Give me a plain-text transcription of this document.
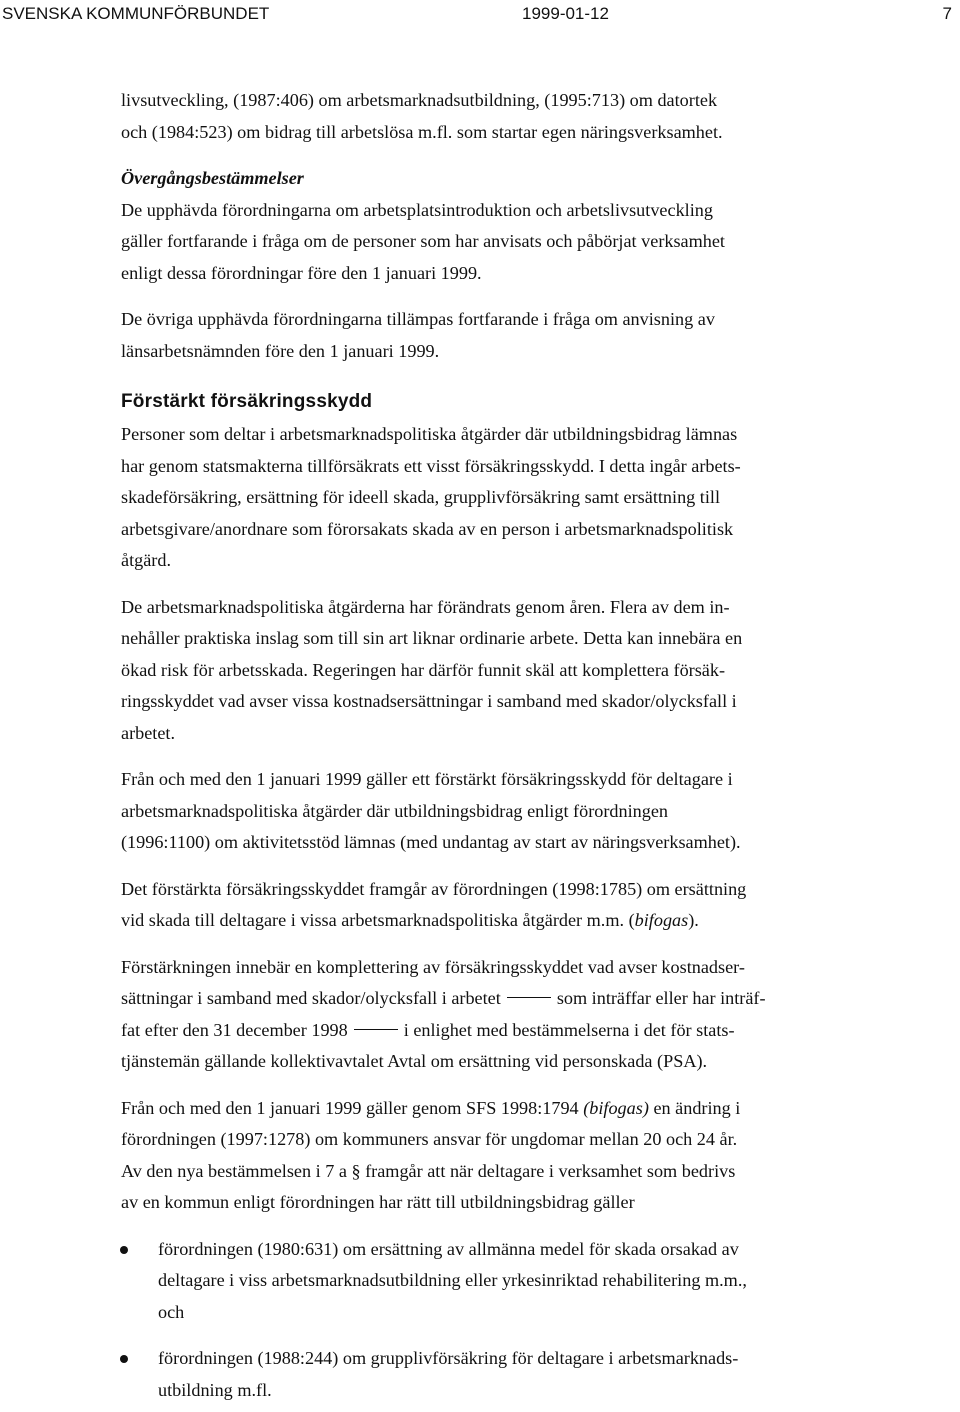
SVENSKA KOMMUNFÖRBUNDET	1999-01-12	7

livsutveckling, (1987:406) om arbetsmarknadsutbildning, (1995:713) om datortek
och (1984:523) om bidrag till arbetslösa m.fl. som startar egen näringsverksamhet.

Övergångsbestämmelser

De upphävda förordningarna om arbetsplatsintroduktion och arbetslivsutveckling
gäller fortfarande i fråga om de personer som har anvisats och påbörjat verksamhet
enligt dessa förordningar före den 1 januari 1999.

De övriga upphävda förordningarna tillämpas fortfarande i fråga om anvisning av
länsarbetsnämnden före den 1 januari 1999.

Förstärkt försäkringsskydd

Personer som deltar i arbetsmarknadspolitiska åtgärder där utbildningsbidrag lämnas
har genom statsmakterna tillförsäkrats ett visst försäkringsskydd. I detta ingår arbets-
skadeförsäkring, ersättning för ideell skada, grupplivförsäkring samt ersättning till
arbetsgivare/anordnare som förorsakats skada av en person i arbetsmarknadspolitisk
åtgärd.

De arbetsmarknadspolitiska åtgärderna har förändrats genom åren. Flera av dem in-
nehåller praktiska inslag som till sin art liknar ordinarie arbete. Detta kan innebära en
ökad risk för arbetsskada. Regeringen har därför funnit skäl att komplettera försäk-
ringsskyddet vad avser vissa kostnadsersättningar i samband med skador/olycksfall i
arbetet.

Från och med den 1 januari 1999 gäller ett förstärkt försäkringsskydd för deltagare i
arbetsmarknadspolitiska åtgärder där utbildningsbidrag enligt förordningen
(1996:1100) om aktivitetsstöd lämnas (med undantag av start av näringsverksamhet).

Det förstärkta försäkringsskyddet framgår av förordningen (1998:1785) om ersättning
vid skada till deltagare i vissa arbetsmarknadspolitiska åtgärder m.m. (bifogas).

Förstärkningen innebär en komplettering av försäkringsskyddet vad avser kostnadser-
sättningar i samband med skador/olycksfall i arbetet	som inträffar eller har inträf-
fat efter den 31 december 1998	i enlighet med bestämmelserna i det för stats-
tjänstemän gällande kollektivavtalet Avtal om ersättning vid personskada (PSA).

Från och med den 1 januari 1999 gäller genom SFS 1998:1794 (bifogas) en ändring i
förordningen (1997:1278) om kommuners ansvar för ungdomar mellan 20 och 24 år.
Av den nya bestämmelsen i 7 a § framgår att när deltagare i verksamhet som bedrivs
av en kommun enligt förordningen har rätt till utbildningsbidrag gäller

förordningen (1980:631) om ersättning av allmänna medel för skada orsakad av
deltagare i viss arbetsmarknadsutbildning eller yrkesinriktad rehabilitering m.m.,
och
förordningen (1988:244) om grupplivförsäkring för deltagare i arbetsmarknads-
utbildning m.fl.
